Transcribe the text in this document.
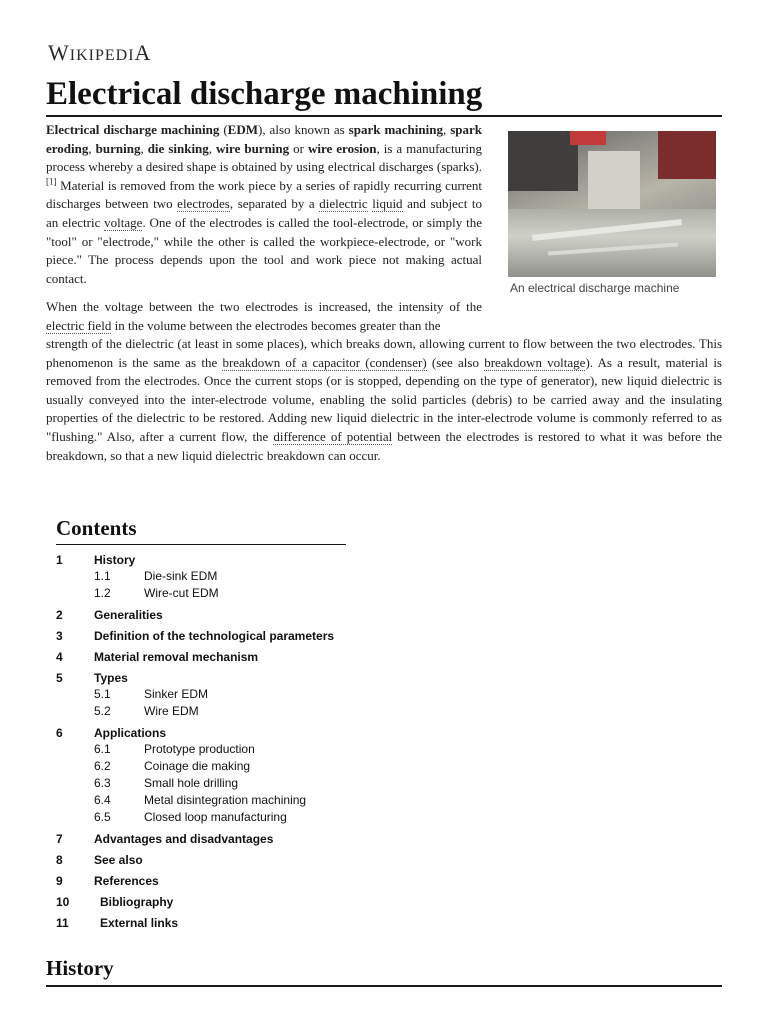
WIKIPEDIA
Electrical discharge machining
An electrical discharge machine

Electrical discharge machining (EDM), also known as spark machining, spark eroding, burning, die sinking, wire burning or wire erosion, is a manufacturing process whereby a desired shape is obtained by using electrical discharges (sparks).[1] Material is removed from the work piece by a series of rapidly recurring current discharges between two electrodes, separated by a dielectric liquid and subject to an electric voltage. One of the electrodes is called the tool-electrode, or simply the "tool" or "electrode," while the other is called the workpiece-electrode, or "work piece." The process depends upon the tool and work piece not making actual contact.

When the voltage between the two electrodes is increased, the intensity of the electric field in the volume between the electrodes becomes greater than the

strength of the dielectric (at least in some places), which breaks down, allowing current to flow between the two electrodes. This phenomenon is the same as the breakdown of a capacitor (condenser) (see also breakdown voltage). As a result, material is removed from the electrodes. Once the current stops (or is stopped, depending on the type of generator), new liquid dielectric is usually conveyed into the inter-electrode volume, enabling the solid particles (debris) to be carried away and the insulating properties of the dielectric to be restored. Adding new liquid dielectric in the inter-electrode volume is commonly referred to as "flushing." Also, after a current flow, the difference of potential between the electrodes is restored to what it was before the breakdown, so that a new liquid dielectric breakdown can occur.

Contents
1	History
1.1	Die-sink EDM
1.2	Wire-cut EDM
2	Generalities
3	Definition of the technological parameters
4	Material removal mechanism
5	Types
5.1	Sinker EDM
5.2	Wire EDM
6	Applications
6.1	Prototype production
6.2	Coinage die making
6.3	Small hole drilling
6.4	Metal disintegration machining
6.5	Closed loop manufacturing
7	Advantages and disadvantages
8	See also
9	References
10	Bibliography
11	External links
History
